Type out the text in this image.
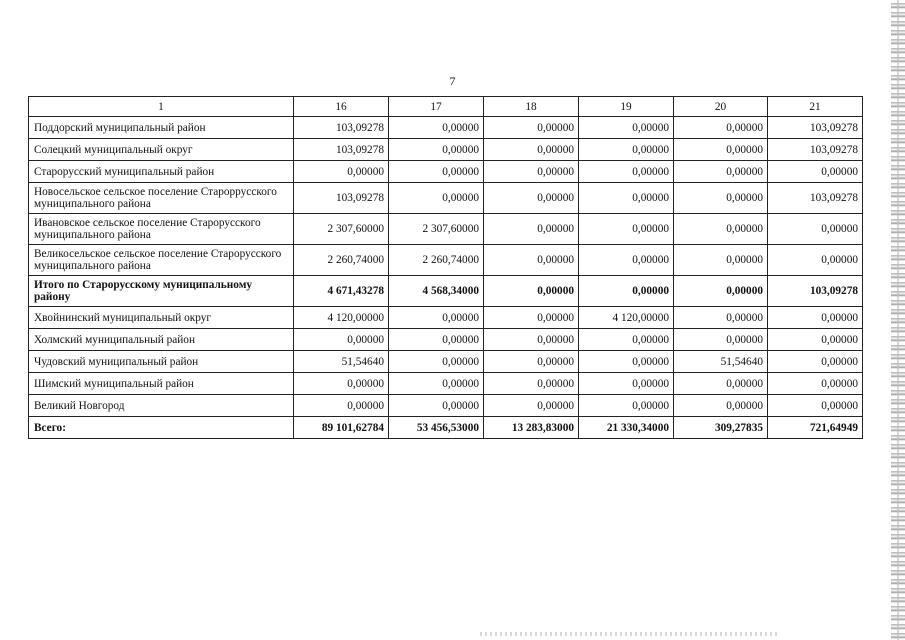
7
1	16	17	18	19	20	21
Поддорский муниципальный район	103,09278	0,00000	0,00000	0,00000	0,00000	103,09278
Солецкий муниципальный округ	103,09278	0,00000	0,00000	0,00000	0,00000	103,09278
Старорусский муниципальный район	0,00000	0,00000	0,00000	0,00000	0,00000	0,00000
Новосельское сельское поселение Староррусского муниципального района	103,09278	0,00000	0,00000	0,00000	0,00000	103,09278
Ивановское сельское поселение Старорусского муниципального района	2 307,60000	2 307,60000	0,00000	0,00000	0,00000	0,00000
Великосельское сельское поселение Старорусского муниципального района	2 260,74000	2 260,74000	0,00000	0,00000	0,00000	0,00000
Итого по Старорусскому муниципальному району	4 671,43278	4 568,34000	0,00000	0,00000	0,00000	103,09278
Хвойнинский муниципальный округ	4 120,00000	0,00000	0,00000	4 120,00000	0,00000	0,00000
Холмский муниципальный район	0,00000	0,00000	0,00000	0,00000	0,00000	0,00000
Чудовский муниципальный район	51,54640	0,00000	0,00000	0,00000	51,54640	0,00000
Шимский муниципальный район	0,00000	0,00000	0,00000	0,00000	0,00000	0,00000
Великий Новгород	0,00000	0,00000	0,00000	0,00000	0,00000	0,00000
Всего:	89 101,62784	53 456,53000	13 283,83000	21 330,34000	309,27835	721,64949
